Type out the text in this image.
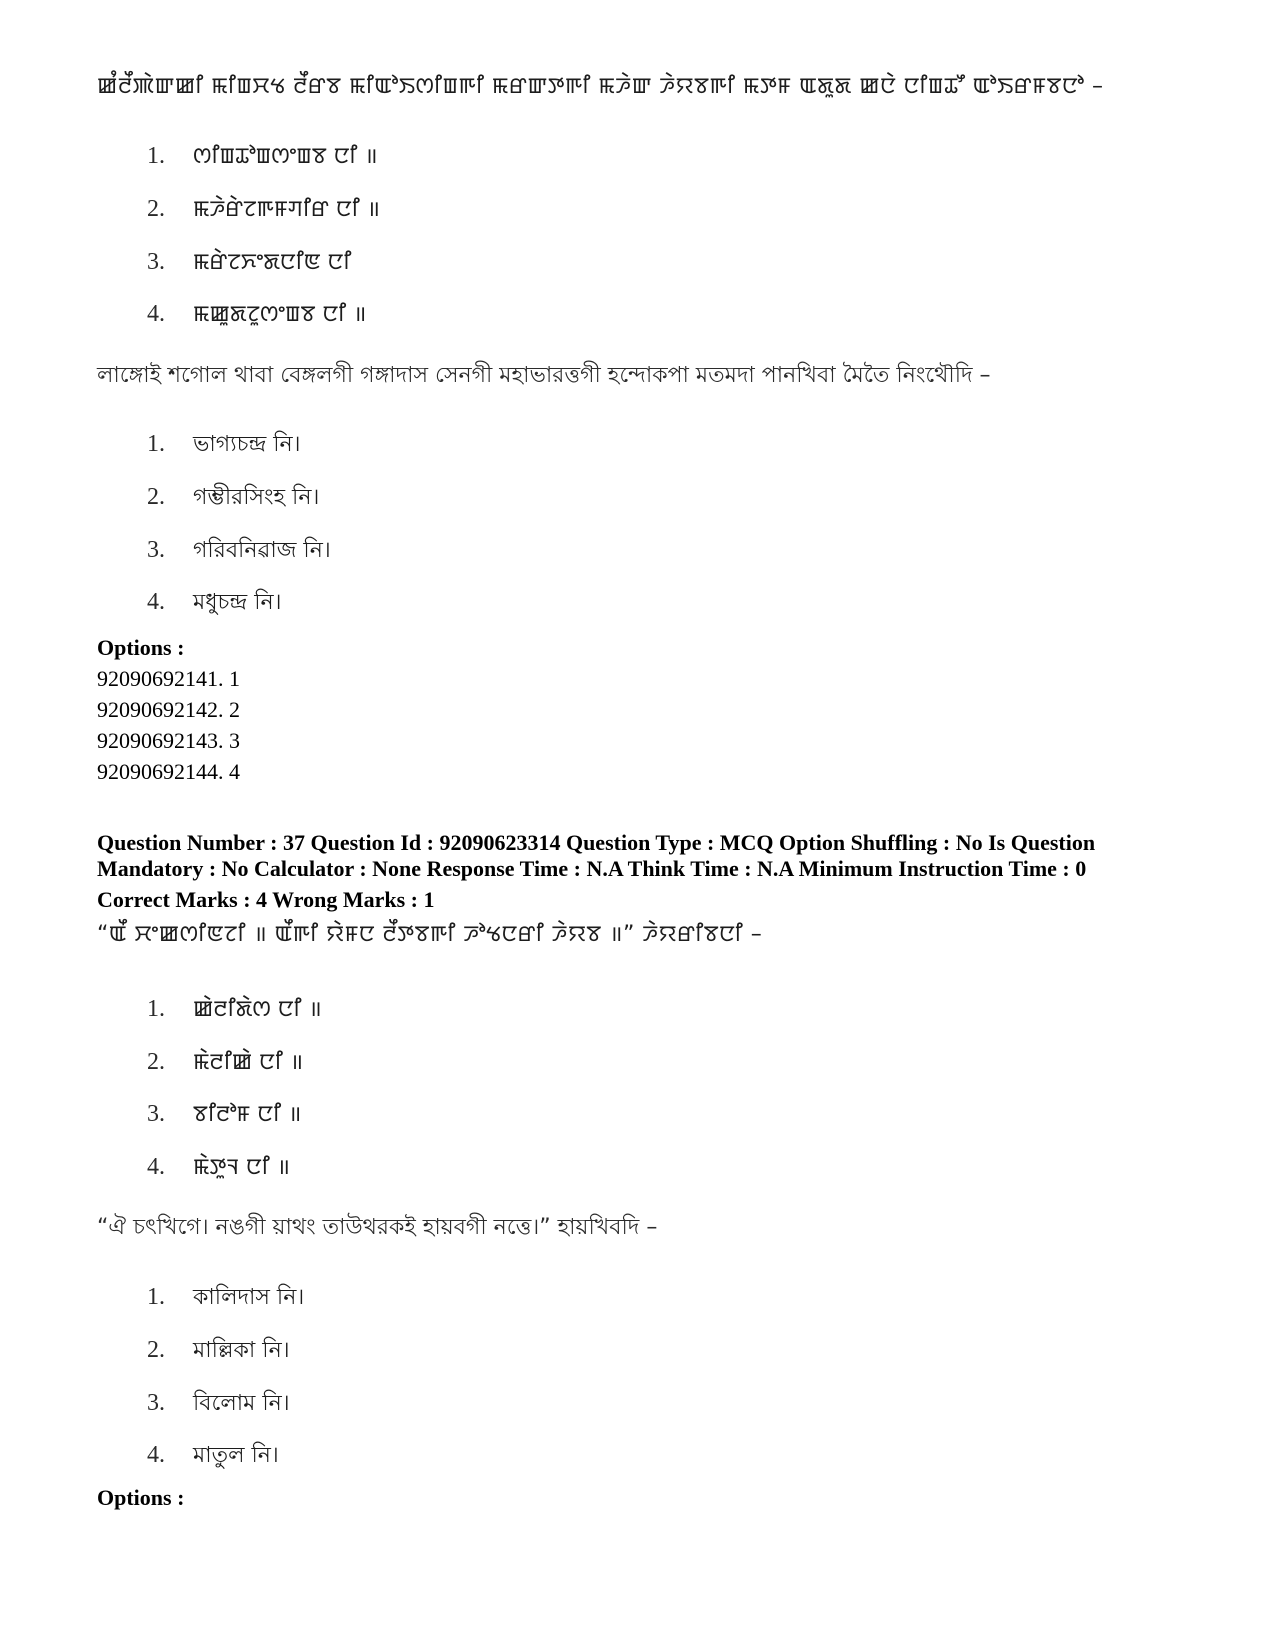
ꯀꯪꯂꯩꯄꯥꯛꯀꯤ ꯃꯤꯡꯆꯠ ꯂꯩꯔꯕ ꯃꯤꯑꯣꯏꯁꯤꯡꯒꯤ ꯃꯔꯛꯇꯒꯤ ꯃꯍꯥꯛ ꯍꯥꯌꯕꯒꯤ ꯃꯇꯝ ꯑꯗꯨꯗ ꯀꯅꯥ ꯅꯤꯡꯊꯧ ꯑꯣꯏꯔꯝꯕꯅꯣ –
1. ꯁꯤꯡꯊꯣꯡꯁꯦꯡꯕ ꯅꯤ ॥
2. ꯃꯍꯥꯔꯥꯖꯒꯝꯚꯤꯔ ꯅꯤ ॥
3. ꯃꯔꯥꯖꯈꯦꯗꯅꯤꯟ ꯅꯤ
4. ꯃꯀꯨꯗꯖꯨꯁꯦꯡꯕ ꯅꯤ ॥
লাঙ্গোই শগোল থাবা বেঙ্গলগী গঙ্গাদাস সেনগী মহাভারত্তগী হন্দোকপা মতমদা পানখিবা মৈতৈ নিংথৌদি –
1. ভাগ্যচন্দ্র নি।
2. গম্ভীরসিংহ নি।
3. গরিবনিৱাজ নি।
4. মধুচন্দ্র নি।
Options :
92090692141. 1
92090692142. 2
92090692143. 3
92090692144. 4
Question Number : 37 Question Id : 92090623314 Question Type : MCQ Option Shuffling : No Is Question
Mandatory : No Calculator : None Response Time : N.A Think Time : N.A Minimum Instruction Time : 0
Correct Marks : 4 Wrong Marks : 1
“ꯑꯩ ꯆꯦꯀꯁꯤꯟꯖꯤ ॥ ꯑꯩꯒꯤ ꯌꯥꯝꯅ ꯂꯩꯇꯕꯒꯤ ꯍꯣꯠꯅꯔꯤ ꯍꯥꯌꯕ ॥” ꯍꯥꯌꯔꯤꯕꯅꯤ –
1. ꯀꯥꯂꯤꯗꯥꯁ ꯅꯤ ॥
2. ꯃꯥꯂꯤꯀꯥ ꯅꯤ ॥
3. ꯕꯤꯂꯣꯝ ꯅꯤ ॥
4. ꯃꯥꯇꯨꯜ ꯅꯤ ॥
“ঐ চৎখিগে। নঙগী য়াথং তাউথরকই হায়বগী নত্তে।” হায়খিবদি –
1. কালিদাস নি।
2. মাল্লিকা নি।
3. বিলোম নি।
4. মাতুল নি।
Options :
